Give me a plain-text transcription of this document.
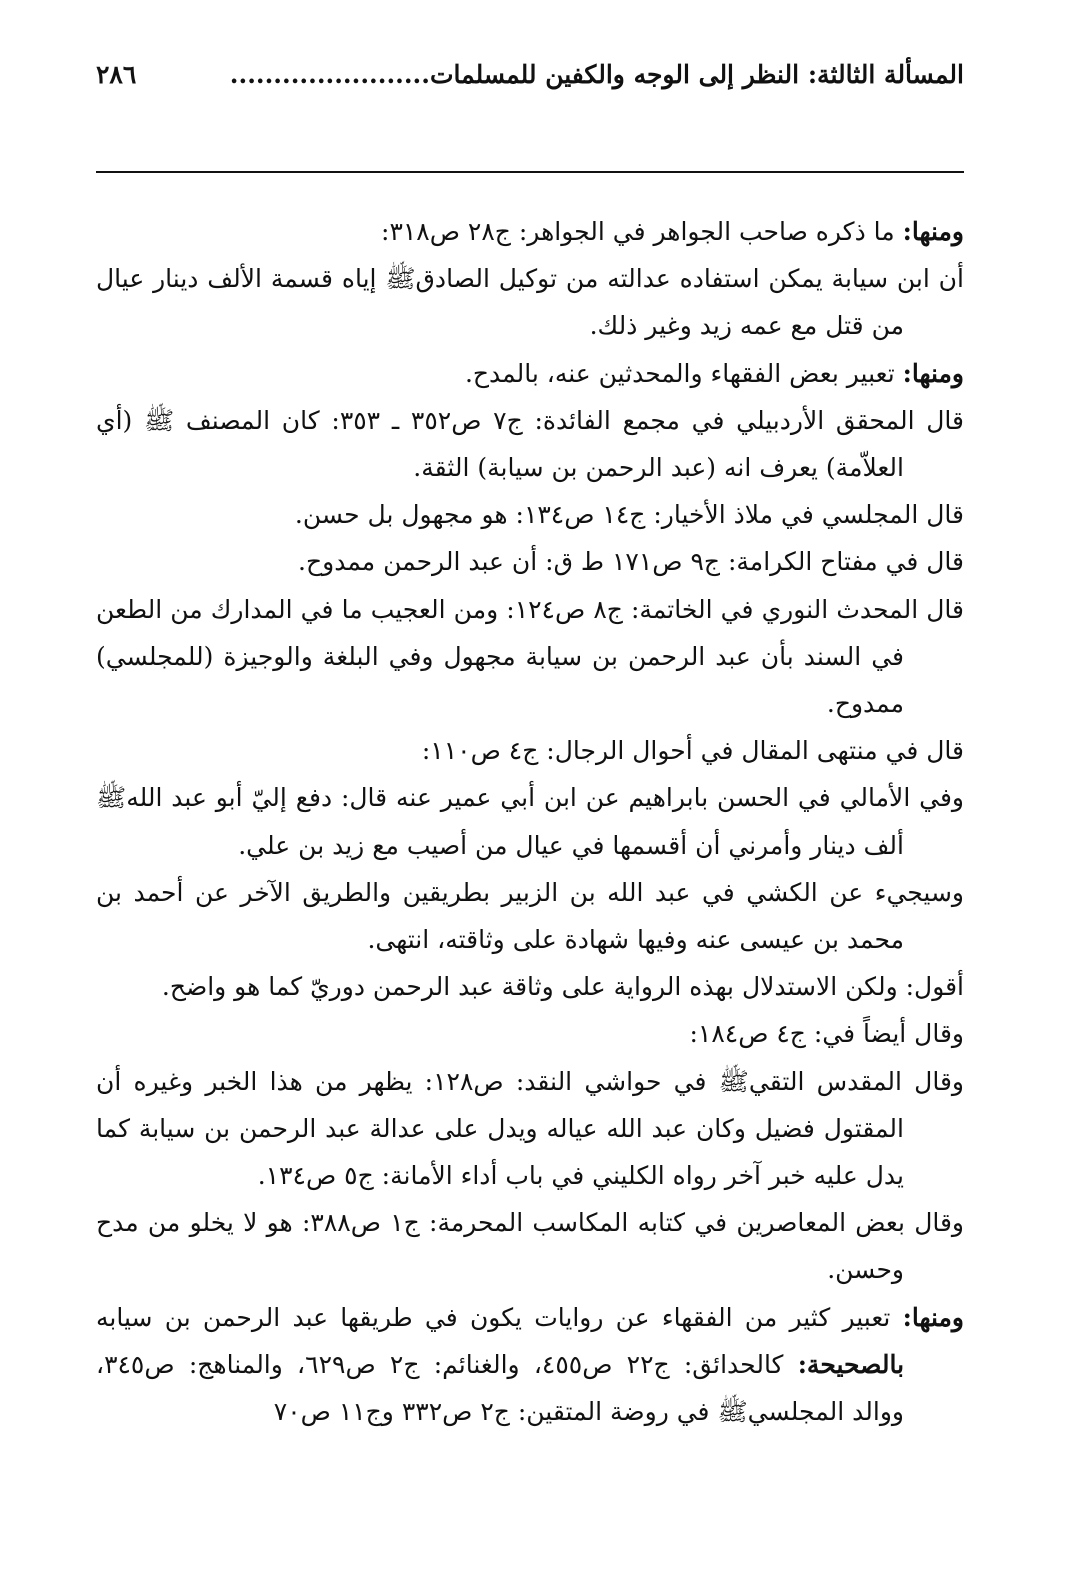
المسألة الثالثة: النظر إلى الوجه والكفين للمسلمات.......................
٢٨٦

ومنها: ما ذكره صاحب الجواهر في الجواهر: ج٢٨ ص٣١٨:

أن ابن سيابة يمكن استفاده عدالته من توكيل الصادقﷺ إياه قسمة الألف دينار عيال من قتل مع عمه زيد وغير ذلك.

ومنها: تعبير بعض الفقهاء والمحدثين عنه، بالمدح.

قال المحقق الأردبيلي في مجمع الفائدة: ج٧ ص٣٥٢ ـ ٣٥٣: كان المصنف ﷺ (أي العلاّمة) يعرف انه (عبد الرحمن بن سيابة) الثقة.

قال المجلسي في ملاذ الأخيار: ج١٤ ص١٣٤: هو مجهول بل حسن.

قال في مفتاح الكرامة: ج٩ ص١٧١ ط ق: أن عبد الرحمن ممدوح.

قال المحدث النوري في الخاتمة: ج٨ ص١٢٤: ومن العجيب ما في المدارك من الطعن في السند بأن عبد الرحمن بن سيابة مجهول وفي البلغة والوجيزة (للمجلسي) ممدوح.

قال في منتهى المقال في أحوال الرجال: ج٤ ص١١٠:

وفي الأمالي في الحسن بابراهيم عن ابن أبي عمير عنه قال: دفع إليّ أبو عبد اللهﷺ ألف دينار وأمرني أن أقسمها في عيال من أصيب مع زيد بن علي.

وسيجيء عن الكشي في عبد الله بن الزبير بطريقين والطريق الآخر عن أحمد بن محمد بن عيسى عنه وفيها شهادة على وثاقته، انتهى.

أقول: ولكن الاستدلال بهذه الرواية على وثاقة عبد الرحمن دوريّ كما هو واضح.

وقال أيضاً في: ج٤ ص١٨٤:

وقال المقدس التقيﷺ في حواشي النقد: ص١٢٨: يظهر من هذا الخبر وغيره أن المقتول فضيل وكان عبد الله عياله ويدل على عدالة عبد الرحمن بن سيابة كما يدل عليه خبر آخر رواه الكليني في باب أداء الأمانة: ج٥ ص١٣٤.

وقال بعض المعاصرين في كتابه المكاسب المحرمة: ج١ ص٣٨٨: هو لا يخلو من مدح وحسن.

ومنها: تعبير كثير من الفقهاء عن روايات يكون في طريقها عبد الرحمن بن سيابه بالصحيحة: كالحدائق: ج٢٢ ص٤٥٥، والغنائم: ج٢ ص٦٢٩، والمناهج: ص٣٤٥، ووالد المجلسيﷺ في روضة المتقين: ج٢ ص٣٣٢ وج١١ ص٧٠
